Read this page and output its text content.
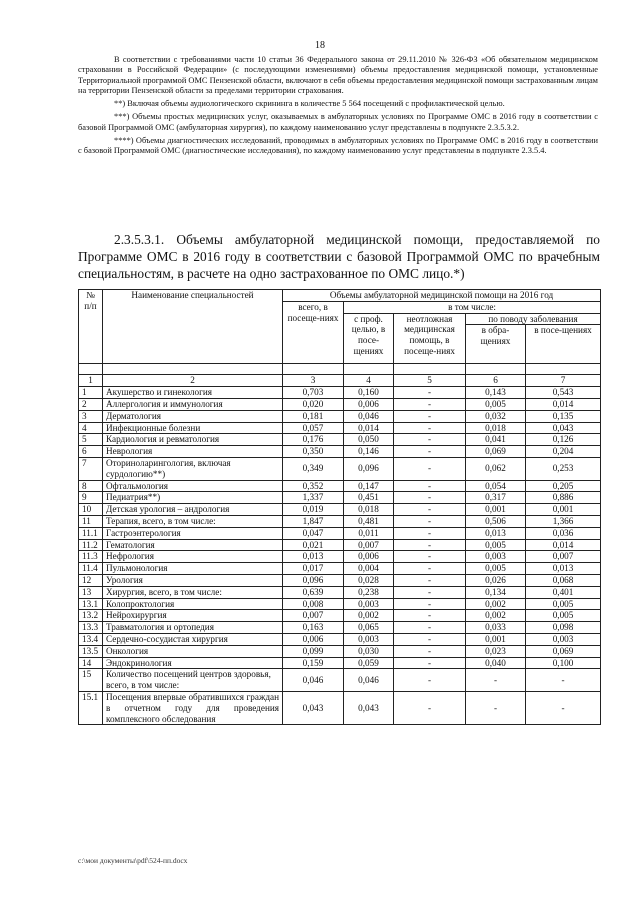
18

В соответствии с требованиями части 10 статьи 36 Федерального закона от 29.11.2010 № 326-ФЗ «Об обязательном медицинском страховании в Российской Федерации» (с последующими изменениями) объемы предоставления медицинской помощи, установленные Территориальной программой ОМС Пензенской области, включают в себя объемы предоставления медицинской помощи застрахованным лицам на территории Пензенской области за пределами территории страхования.

**) Включая объемы аудиологического скрининга в количестве 5 564 посещений с профилактической целью.

***) Объемы простых медицинских услуг, оказываемых в амбулаторных условиях по Программе ОМС в 2016 году в соответствии с базовой Программой ОМС (амбулаторная хирургия), по каждому наименованию услуг представлены в подпункте 2.3.5.3.2.

****) Объемы диагностических исследований, проводимых в амбулаторных условиях по Программе ОМС в 2016 году в соответствии с базовой Программой ОМС (диагностические исследования), по каждому наименованию услуг представлены в подпункте 2.3.5.4.

2.3.5.3.1. Объемы амбулаторной медицинской помощи, предоставляемой по Программе ОМС в 2016 году в соответствии с базовой Программой ОМС по врачебным специальностям, в расчете на одно застрахованное по ОМС лицо.*)
№ п/п	Наименование специальностей	Объемы амбулаторной медицинской помощи на 2016 год				
		всего, в посеще-ниях	в том числе:			
			с проф. целью, в посе-щениях	неотложная медицинская помощь, в посеще-ниях	по поводу заболевания	
					в обра-щениях	в посе-щениях

1	2	3	4	5	6	7
1	Акушерство и гинекология	0,703	0,160	-	0,143	0,543
2	Аллергология и иммунология	0,020	0,006	-	0,005	0,014
3	Дерматология	0,181	0,046	-	0,032	0,135
4	Инфекционные болезни	0,057	0,014	-	0,018	0,043
5	Кардиология и ревматология	0,176	0,050	-	0,041	0,126
6	Неврология	0,350	0,146	-	0,069	0,204
7	Оториноларингология, включая сурдологию**)	0,349	0,096	-	0,062	0,253
8	Офтальмология	0,352	0,147	-	0,054	0,205
9	Педиатрия**)	1,337	0,451	-	0,317	0,886
10	Детская урология – андрология	0,019	0,018	-	0,001	0,001
11	Терапия, всего, в том числе:	1,847	0,481	-	0,506	1,366
11.1	Гастроэнтерология	0,047	0,011	-	0,013	0,036
11.2	Гематология	0,021	0,007	-	0,005	0,014
11.3	Нефрология	0,013	0,006	-	0,003	0,007
11.4	Пульмонология	0,017	0,004	-	0,005	0,013
12	Урология	0,096	0,028	-	0,026	0,068
13	Хирургия, всего, в том числе:	0,639	0,238	-	0,134	0,401
13.1	Колопроктология	0,008	0,003	-	0,002	0,005
13.2	Нейрохирургия	0,007	0,002	-	0,002	0,005
13.3	Травматология и ортопедия	0,163	0,065	-	0,033	0,098
13.4	Сердечно-сосудистая хирургия	0,006	0,003	-	0,001	0,003
13.5	Онкология	0,099	0,030	-	0,023	0,069
14	Эндокринология	0,159	0,059	-	0,040	0,100
15	Количество посещений центров здоровья, всего, в том числе:	0,046	0,046	-	-	-
15.1	Посещения впервые обратившихся граждан в отчетном году для проведения комплексного обследования	0,043	0,043	-	-	-
c:\мои документы\pdf\524-пп.docx
